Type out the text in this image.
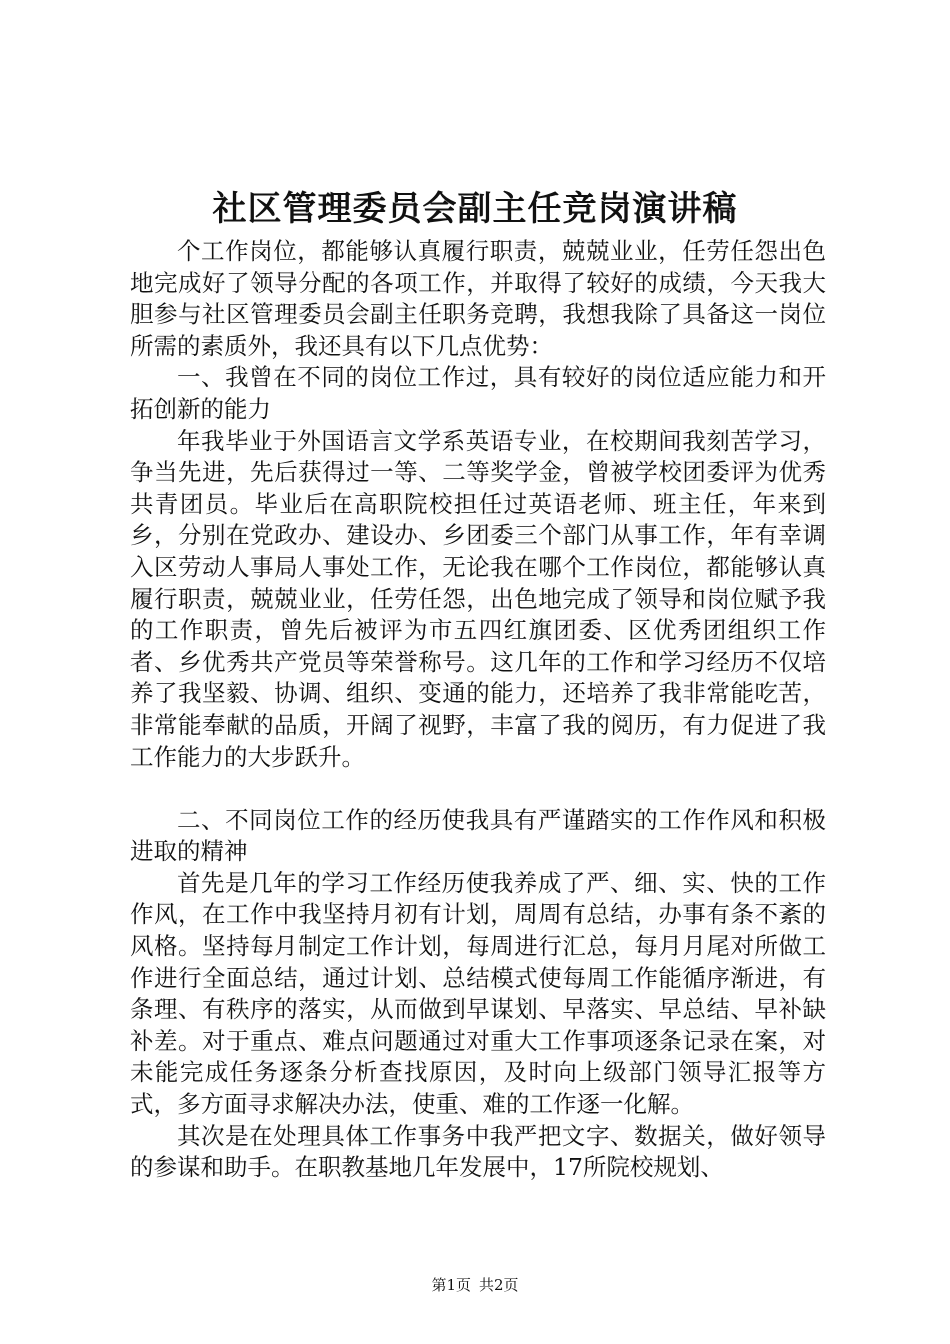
社区管理委员会副主任竞岗演讲稿

个工作岗位，都能够认真履行职责，兢兢业业，任劳任怨出色地完成好了领导分配的各项工作，并取得了较好的成绩，今天我大胆参与社区管理委员会副主任职务竞聘，我想我除了具备这一岗位所需的素质外，我还具有以下几点优势：

一、我曾在不同的岗位工作过，具有较好的岗位适应能力和开拓创新的能力

年我毕业于外国语言文学系英语专业，在校期间我刻苦学习，争当先进，先后获得过一等、二等奖学金，曾被学校团委评为优秀共青团员。毕业后在高职院校担任过英语老师、班主任，年来到乡，分别在党政办、建设办、乡团委三个部门从事工作，年有幸调入区劳动人事局人事处工作，无论我在哪个工作岗位，都能够认真履行职责，兢兢业业，任劳任怨，出色地完成了领导和岗位赋予我的工作职责，曾先后被评为市五四红旗团委、区优秀团组织工作者、乡优秀共产党员等荣誉称号。这几年的工作和学习经历不仅培养了我坚毅、协调、组织、变通的能力，还培养了我非常能吃苦，非常能奉献的品质，开阔了视野，丰富了我的阅历，有力促进了我工作能力的大步跃升。

二、不同岗位工作的经历使我具有严谨踏实的工作作风和积极进取的精神

首先是几年的学习工作经历使我养成了严、细、实、快的工作作风，在工作中我坚持月初有计划，周周有总结，办事有条不紊的风格。坚持每月制定工作计划，每周进行汇总，每月月尾对所做工作进行全面总结，通过计划、总结模式使每周工作能循序渐进，有条理、有秩序的落实，从而做到早谋划、早落实、早总结、早补缺补差。对于重点、难点问题通过对重大工作事项逐条记录在案，对未能完成任务逐条分析查找原因，及时向上级部门领导汇报等方式，多方面寻求解决办法，使重、难的工作逐一化解。

其次是在处理具体工作事务中我严把文字、数据关，做好领导的参谋和助手。在职教基地几年发展中，17所院校规划、

第1页 共2页
